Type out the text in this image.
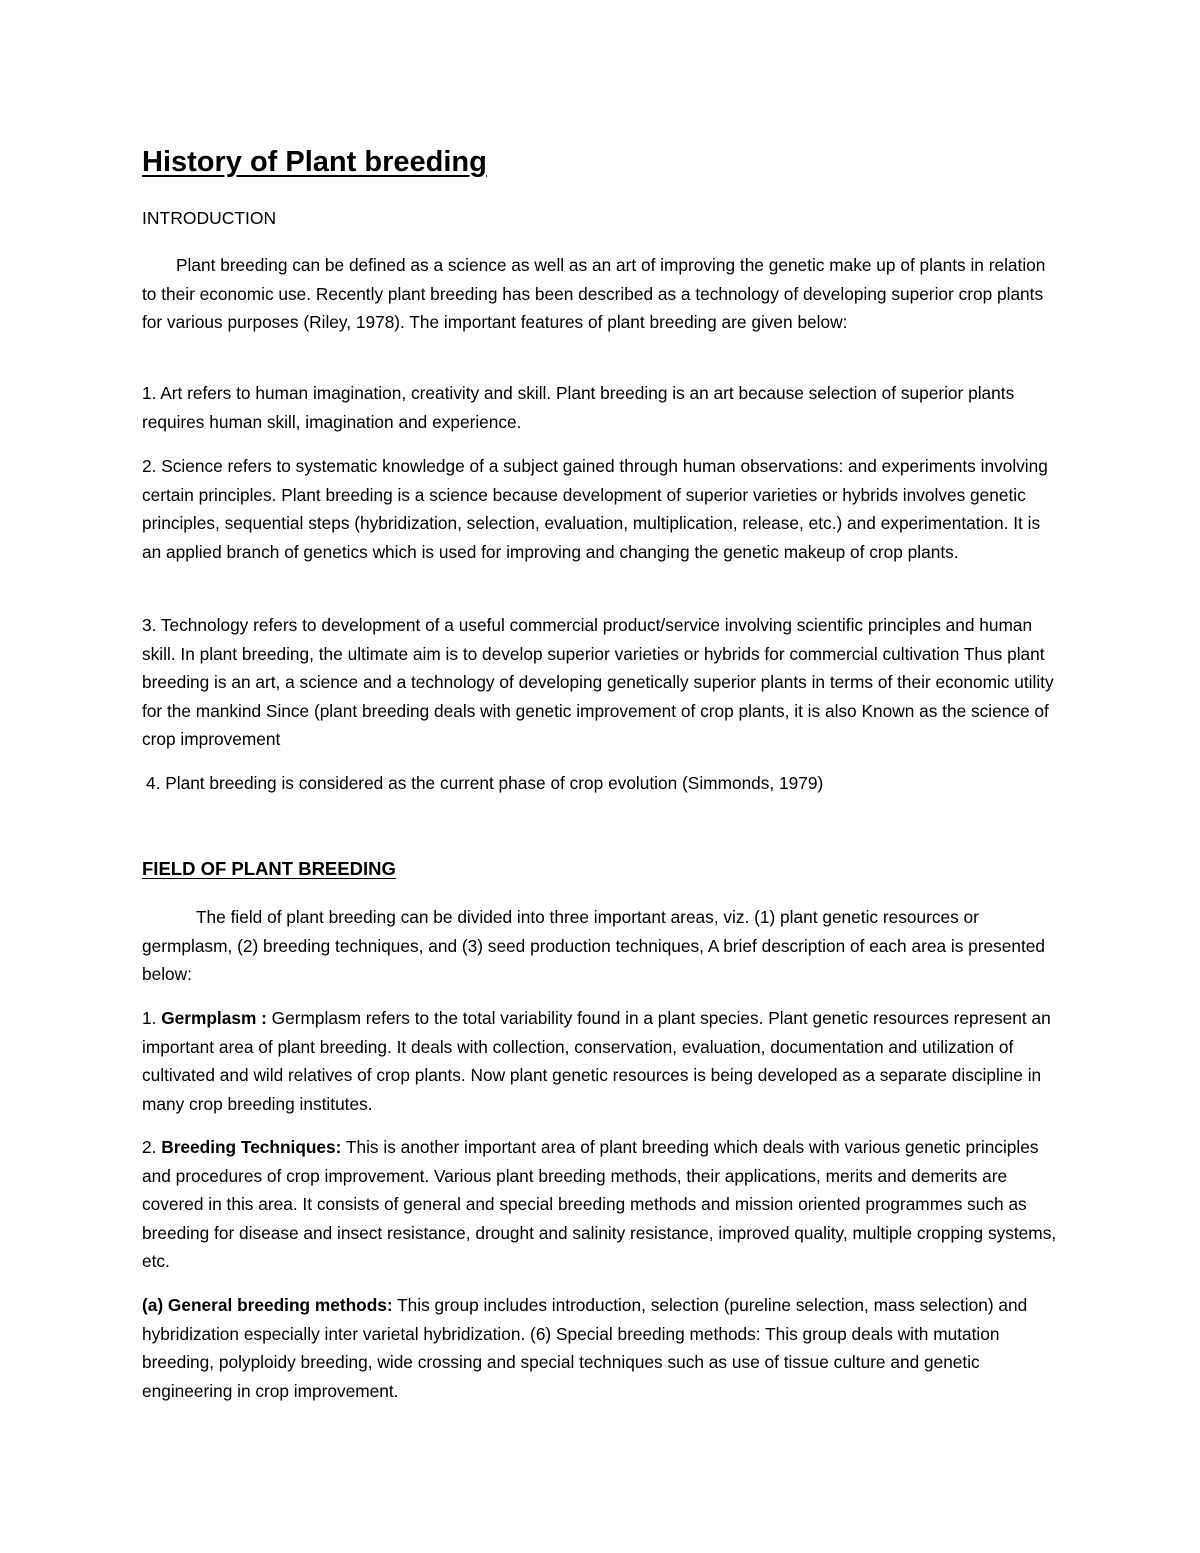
History of Plant breeding
INTRODUCTION

Plant breeding can be defined as a science as well as an art of improving the genetic make up of plants in relation to their economic use. Recently plant breeding has been described as a technology of developing superior crop plants for various purposes (Riley, 1978). The important features of plant breeding are given below:

1. Art refers to human imagination, creativity and skill. Plant breeding is an art because selection of superior plants requires human skill, imagination and experience.

2. Science refers to systematic knowledge of a subject gained through human observations: and experiments involving certain principles. Plant breeding is a science because development of superior varieties or hybrids involves genetic principles, sequential steps (hybridization, selection, evaluation, multiplication, release, etc.) and experimentation. It is an applied branch of genetics which is used for improving and changing the genetic makeup of crop plants.

3. Technology refers to development of a useful commercial product/service involving scientific principles and human skill. In plant breeding, the ultimate aim is to develop superior varieties or hybrids for commercial cultivation Thus plant breeding is an art, a science and a technology of developing genetically superior plants in terms of their economic utility for the mankind Since (plant breeding deals with genetic improvement of crop plants, it is also Known as the science of crop improvement

4. Plant breeding is considered as the current phase of crop evolution (Simmonds, 1979)

FIELD OF PLANT BREEDING

The field of plant breeding can be divided into three important areas, viz. (1) plant genetic resources or germplasm, (2) breeding techniques, and (3) seed production techniques, A brief description of each area is presented below:

1. Germplasm : Germplasm refers to the total variability found in a plant species. Plant genetic resources represent an important area of plant breeding. It deals with collection, conservation, evaluation, documentation and utilization of cultivated and wild relatives of crop plants. Now plant genetic resources is being developed as a separate discipline in many crop breeding institutes.

2. Breeding Techniques: This is another important area of plant breeding which deals with various genetic principles and procedures of crop improvement. Various plant breeding methods, their applications, merits and demerits are covered in this area. It consists of general and special breeding methods and mission oriented programmes such as breeding for disease and insect resistance, drought and salinity resistance, improved quality, multiple cropping systems, etc.

(a) General breeding methods: This group includes introduction, selection (pureline selection, mass selection) and hybridization especially inter varietal hybridization. (6) Special breeding methods: This group deals with mutation breeding, polyploidy breeding, wide crossing and special techniques such as use of tissue culture and genetic engineering in crop improvement.
